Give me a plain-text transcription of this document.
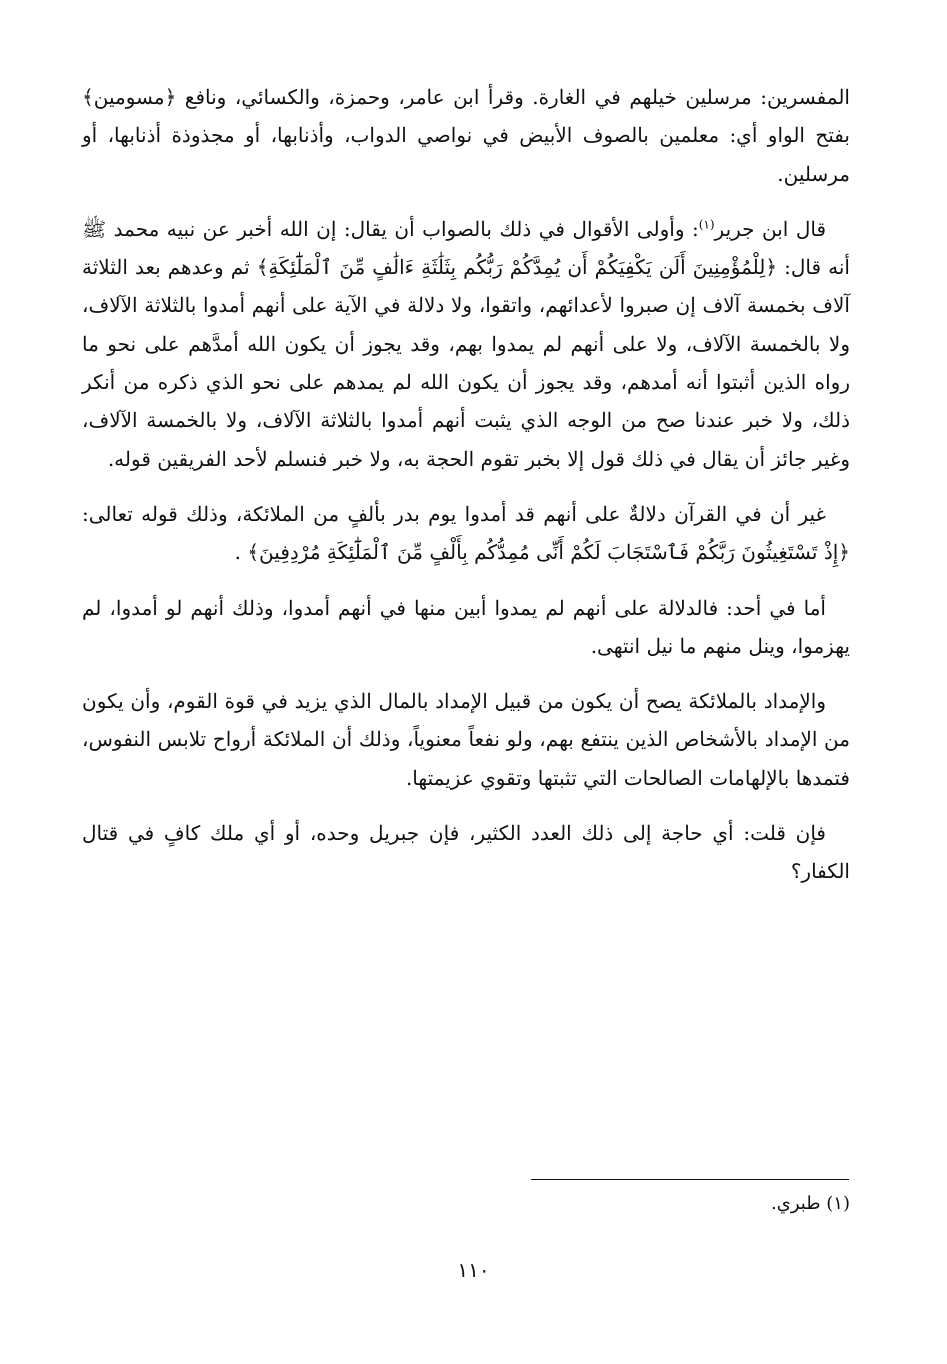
المفسرين: مرسلين خيلهم في الغارة. وقرأ ابن عامر، وحمزة، والكسائي، ونافع ﴿مسومين﴾ بفتح الواو أي: معلمين بالصوف الأبيض في نواصي الدواب، وأذنابها، أو مجذوذة أذنابها، أو مرسلين.

قال ابن جرير$^{(١)}$: وأولى الأقوال في ذلك بالصواب أن يقال: إن الله أخبر عن نبيه محمد ﷺ أنه قال: ﴿لِلْمُؤْمِنِينَ أَلَن يَكْفِيَكُمْ أَن يُمِدَّكُمْ رَبُّكُم بِثَلَٰثَةِ ءَالَٰفٍ مِّنَ ٱلْمَلَٰٓئِكَةِ﴾ ثم وعدهم بعد الثلاثة آلاف بخمسة آلاف إن صبروا لأعدائهم، واتقوا، ولا دلالة في الآية على أنهم أمدوا بالثلاثة الآلاف، ولا بالخمسة الآلاف، ولا على أنهم لم يمدوا بهم، وقد يجوز أن يكون الله أمدَّهم على نحو ما رواه الذين أثبتوا أنه أمدهم، وقد يجوز أن يكون الله لم يمدهم على نحو الذي ذكره من أنكر ذلك، ولا خبر عندنا صح من الوجه الذي يثبت أنهم أمدوا بالثلاثة الآلاف، ولا بالخمسة الآلاف، وغير جائز أن يقال في ذلك قول إلا بخبر تقوم الحجة به، ولا خبر فنسلم لأحد الفريقين قوله.

غير أن في القرآن دلالةٌ على أنهم قد أمدوا يوم بدر بألفٍ من الملائكة، وذلك قوله تعالى: ﴿إِذْ تَسْتَغِيثُونَ رَبَّكُمْ فَٱسْتَجَابَ لَكُمْ أَنِّى مُمِدُّكُم بِأَلْفٍ مِّنَ ٱلْمَلَٰٓئِكَةِ مُرْدِفِينَ﴾ .

أما في أحد: فالدلالة على أنهم لم يمدوا أبين منها في أنهم أمدوا، وذلك أنهم لو أمدوا، لم يهزموا، وينل منهم ما نيل انتهى.

والإمداد بالملائكة يصح أن يكون من قبيل الإمداد بالمال الذي يزيد في قوة القوم، وأن يكون من الإمداد بالأشخاص الذين ينتفع بهم، ولو نفعاً معنوياً، وذلك أن الملائكة أرواح تلابس النفوس، فتمدها بالإلهامات الصالحات التي تثبتها وتقوي عزيمتها.

فإن قلت: أي حاجة إلى ذلك العدد الكثير، فإن جبريل وحده، أو أي ملك كافٍ في قتال الكفار؟

(١) طبري.
١١٠
